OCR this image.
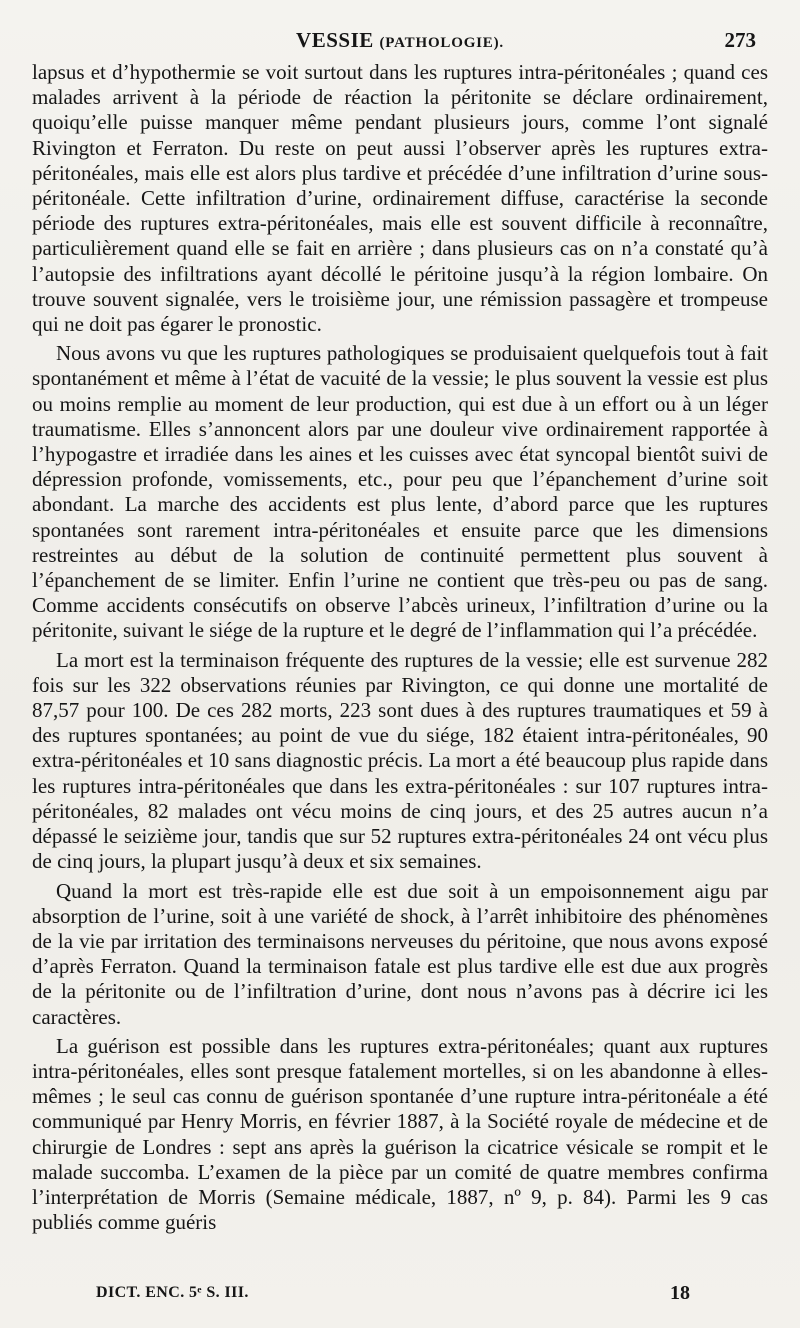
VESSIE (PATHOLOGIE).	273

lapsus et d’hypothermie se voit surtout dans les ruptures intra-péritonéales ; quand ces malades arrivent à la période de réaction la péritonite se déclare ordinairement, quoiqu’elle puisse manquer même pendant plusieurs jours, comme l’ont signalé Rivington et Ferraton. Du reste on peut aussi l’observer après les ruptures extra-péritonéales, mais elle est alors plus tardive et précédée d’une infiltration d’urine sous-péritonéale. Cette infiltration d’urine, ordinairement diffuse, caractérise la seconde période des ruptures extra-péritonéales, mais elle est souvent difficile à reconnaître, particulièrement quand elle se fait en arrière ; dans plusieurs cas on n’a constaté qu’à l’autopsie des infiltrations ayant décollé le péritoine jusqu’à la région lombaire. On trouve souvent signalée, vers le troisième jour, une rémission passagère et trompeuse qui ne doit pas égarer le pronostic.

Nous avons vu que les ruptures pathologiques se produisaient quelquefois tout à fait spontanément et même à l’état de vacuité de la vessie; le plus souvent la vessie est plus ou moins remplie au moment de leur production, qui est due à un effort ou à un léger traumatisme. Elles s’annoncent alors par une douleur vive ordinairement rapportée à l’hypogastre et irradiée dans les aines et les cuisses avec état syncopal bientôt suivi de dépression profonde, vomissements, etc., pour peu que l’épanchement d’urine soit abondant. La marche des accidents est plus lente, d’abord parce que les ruptures spontanées sont rarement intra-péritonéales et ensuite parce que les dimensions restreintes au début de la solution de continuité permettent plus souvent à l’épanchement de se limiter. Enfin l’urine ne contient que très-peu ou pas de sang. Comme accidents consécutifs on observe l’abcès urineux, l’infiltration d’urine ou la péritonite, suivant le siége de la rupture et le degré de l’inflammation qui l’a précédée.

La mort est la terminaison fréquente des ruptures de la vessie; elle est survenue 282 fois sur les 322 observations réunies par Rivington, ce qui donne une mortalité de 87,57 pour 100. De ces 282 morts, 223 sont dues à des ruptures traumatiques et 59 à des ruptures spontanées; au point de vue du siége, 182 étaient intra-péritonéales, 90 extra-péritonéales et 10 sans diagnostic précis. La mort a été beaucoup plus rapide dans les ruptures intra-péritonéales que dans les extra-péritonéales : sur 107 ruptures intra-péritonéales, 82 malades ont vécu moins de cinq jours, et des 25 autres aucun n’a dépassé le seizième jour, tandis que sur 52 ruptures extra-péritonéales 24 ont vécu plus de cinq jours, la plupart jusqu’à deux et six semaines.

Quand la mort est très-rapide elle est due soit à un empoisonnement aigu par absorption de l’urine, soit à une variété de shock, à l’arrêt inhibitoire des phénomènes de la vie par irritation des terminaisons nerveuses du péritoine, que nous avons exposé d’après Ferraton. Quand la terminaison fatale est plus tardive elle est due aux progrès de la péritonite ou de l’infiltration d’urine, dont nous n’avons pas à décrire ici les caractères.

La guérison est possible dans les ruptures extra-péritonéales; quant aux ruptures intra-péritonéales, elles sont presque fatalement mortelles, si on les abandonne à elles-mêmes ; le seul cas connu de guérison spontanée d’une rupture intra-péritonéale a été communiqué par Henry Morris, en février 1887, à la Société royale de médecine et de chirurgie de Londres : sept ans après la guérison la cicatrice vésicale se rompit et le malade succomba. L’examen de la pièce par un comité de quatre membres confirma l’interprétation de Morris (Semaine médicale, 1887, nº 9, p. 84). Parmi les 9 cas publiés comme guéris

DICT. ENC. 5ᵉ S. III.	18
